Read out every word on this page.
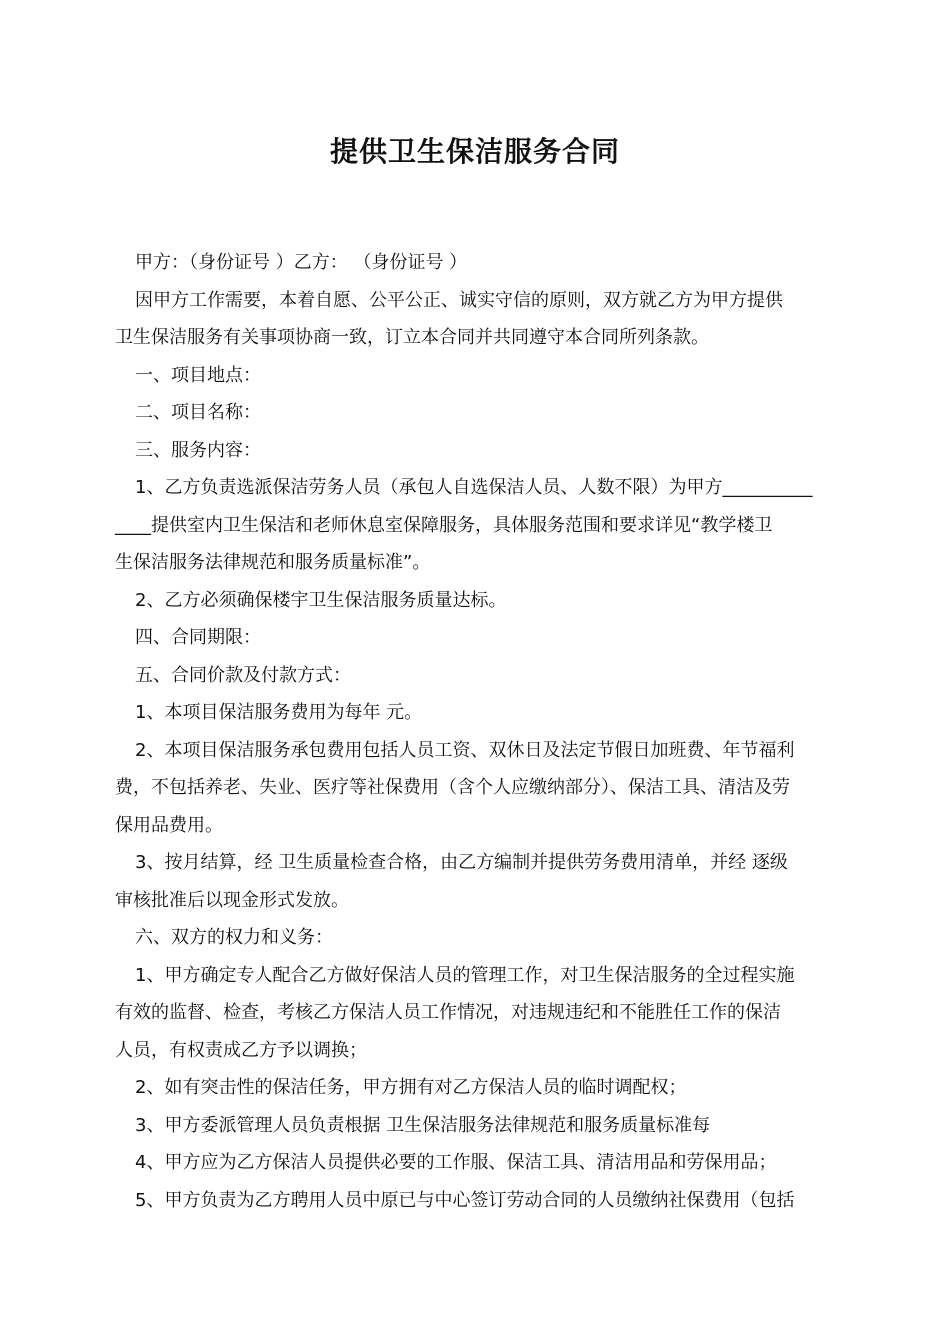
提供卫生保洁服务合同
甲方：（身份证号 ）乙方： （身份证号 ）
因甲方工作需要，本着自愿、公平公正、诚实守信的原则，双方就乙方为甲方提供
卫生保洁服务有关事项协商一致，订立本合同并共同遵守本合同所列条款。
一、项目地点：
二、项目名称：
三、服务内容：
1、乙方负责选派保洁劳务人员（承包人自选保洁人员、人数不限）为甲方__________
____提供室内卫生保洁和老师休息室保障服务，具体服务范围和要求详见“教学楼卫
生保洁服务法律规范和服务质量标准”。
2、乙方必须确保楼宇卫生保洁服务质量达标。
四、合同期限：
五、合同价款及付款方式：
1、本项目保洁服务费用为每年 元。
2、本项目保洁服务承包费用包括人员工资、双休日及法定节假日加班费、年节福利
费，不包括养老、失业、医疗等社保费用（含个人应缴纳部分）、保洁工具、清洁及劳
保用品费用。
3、按月结算，经 卫生质量检查合格，由乙方编制并提供劳务费用清单，并经 逐级
审核批准后以现金形式发放。
六、双方的权力和义务：
1、甲方确定专人配合乙方做好保洁人员的管理工作，对卫生保洁服务的全过程实施
有效的监督、检查，考核乙方保洁人员工作情况，对违规违纪和不能胜任工作的保洁
人员，有权责成乙方予以调换；
2、如有突击性的保洁任务，甲方拥有对乙方保洁人员的临时调配权；
3、甲方委派管理人员负责根据 卫生保洁服务法律规范和服务质量标准每
4、甲方应为乙方保洁人员提供必要的工作服、保洁工具、清洁用品和劳保用品；
5、甲方负责为乙方聘用人员中原已与中心签订劳动合同的人员缴纳社保费用（包括
